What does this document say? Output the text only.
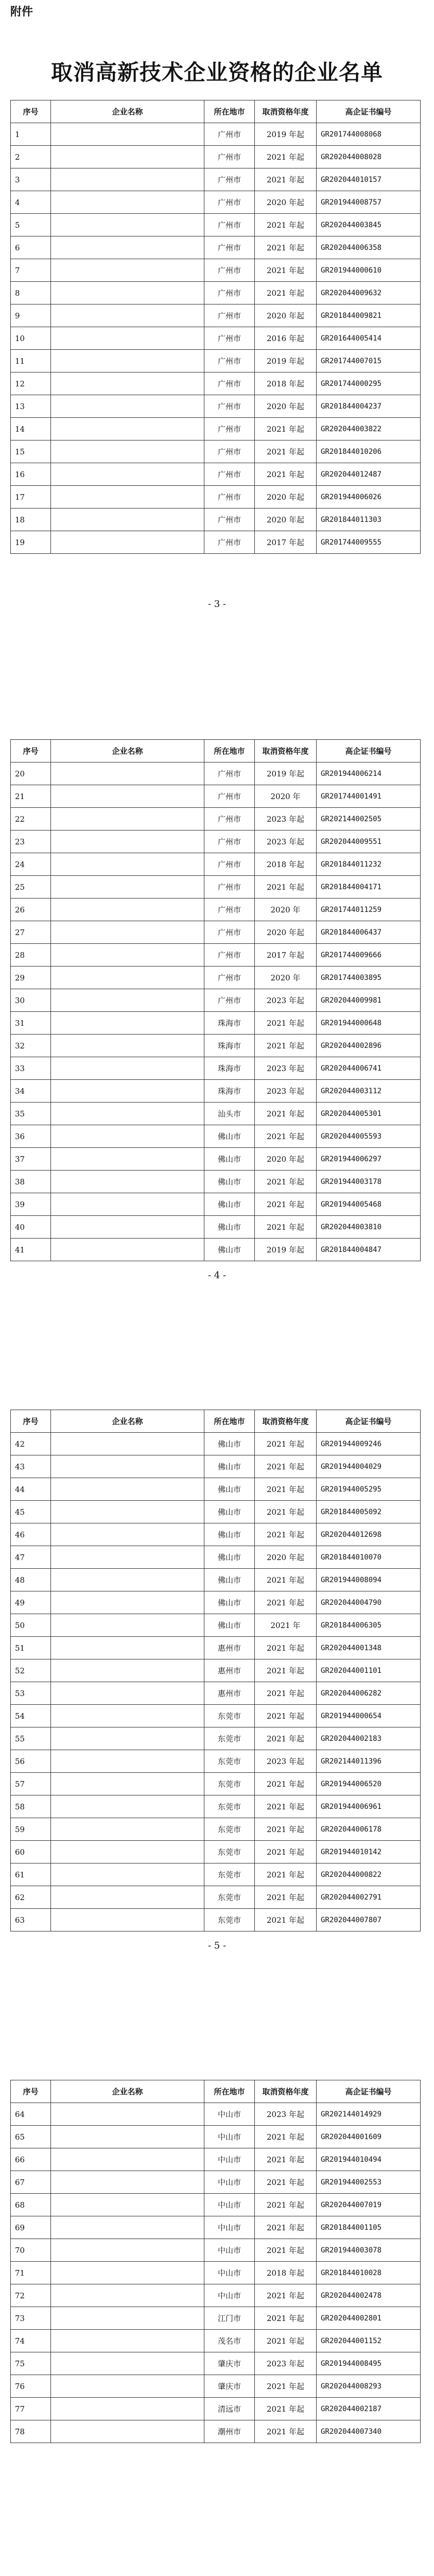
附件
取消高新技术企业资格的企业名单
序号	企业名称	所在地市	取消资格年度	高企证书编号
1		广州市	2019 年起	GR201744008068
2		广州市	2021 年起	GR202044008028
3		广州市	2021 年起	GR202044010157
4		广州市	2020 年起	GR201944008757
5		广州市	2021 年起	GR202044003845
6		广州市	2021 年起	GR202044006358
7		广州市	2021 年起	GR201944000610
8		广州市	2021 年起	GR202044009632
9		广州市	2020 年起	GR201844009821
10		广州市	2016 年起	GR201644005414
11		广州市	2019 年起	GR201744007015
12		广州市	2018 年起	GR201744000295
13		广州市	2020 年起	GR201844004237
14		广州市	2021 年起	GR202044003822
15		广州市	2021 年起	GR201844010206
16		广州市	2021 年起	GR202044012487
17		广州市	2020 年起	GR201944006026
18		广州市	2020 年起	GR201844011303
19		广州市	2017 年起	GR201744009555
- 3 -
序号	企业名称	所在地市	取消资格年度	高企证书编号
20		广州市	2019 年起	GR201944006214
21		广州市	2020 年	GR201744001491
22		广州市	2023 年起	GR202144002505
23		广州市	2023 年起	GR202044009551
24		广州市	2018 年起	GR201844011232
25		广州市	2021 年起	GR201844004171
26		广州市	2020 年	GR201744011259
27		广州市	2020 年起	GR201844006437
28		广州市	2017 年起	GR201744009666
29		广州市	2020 年	GR201744003895
30		广州市	2023 年起	GR202044009981
31		珠海市	2021 年起	GR201944000648
32		珠海市	2021 年起	GR202044002896
33		珠海市	2023 年起	GR202044006741
34		珠海市	2023 年起	GR202044003112
35		汕头市	2021 年起	GR202044005301
36		佛山市	2021 年起	GR202044005593
37		佛山市	2020 年起	GR201944006297
38		佛山市	2021 年起	GR201944003178
39		佛山市	2021 年起	GR201944005468
40		佛山市	2021 年起	GR202044003810
41		佛山市	2019 年起	GR201844004847
- 4 -
序号	企业名称	所在地市	取消资格年度	高企证书编号
42		佛山市	2021 年起	GR201944009246
43		佛山市	2021 年起	GR201944004029
44		佛山市	2021 年起	GR201944005295
45		佛山市	2021 年起	GR201844005092
46		佛山市	2021 年起	GR202044012698
47		佛山市	2020 年起	GR201844010070
48		佛山市	2021 年起	GR201944008094
49		佛山市	2021 年起	GR202044004790
50		佛山市	2021 年	GR201844006305
51		惠州市	2021 年起	GR202044001348
52		惠州市	2021 年起	GR202044001101
53		惠州市	2021 年起	GR202044006282
54		东莞市	2021 年起	GR201944000654
55		东莞市	2021 年起	GR202044002183
56		东莞市	2023 年起	GR202144011396
57		东莞市	2021 年起	GR201944006520
58		东莞市	2021 年起	GR201944006961
59		东莞市	2021 年起	GR202044006178
60		东莞市	2021 年起	GR201944010142
61		东莞市	2021 年起	GR202044000822
62		东莞市	2021 年起	GR202044002791
63		东莞市	2021 年起	GR202044007807
- 5 -
序号	企业名称	所在地市	取消资格年度	高企证书编号
64		中山市	2023 年起	GR202144014929
65		中山市	2021 年起	GR202044001609
66		中山市	2021 年起	GR201944010494
67		中山市	2021 年起	GR201944002553
68		中山市	2021 年起	GR202044007019
69		中山市	2021 年起	GR201844001105
70		中山市	2021 年起	GR201944003078
71		中山市	2018 年起	GR201844010028
72		中山市	2021 年起	GR202044002478
73		江门市	2021 年起	GR202044002801
74		茂名市	2021 年起	GR202044001152
75		肇庆市	2023 年起	GR201944008495
76		肇庆市	2021 年起	GR202044008293
77		清远市	2021 年起	GR202044002187
78		潮州市	2021 年起	GR202044007340
